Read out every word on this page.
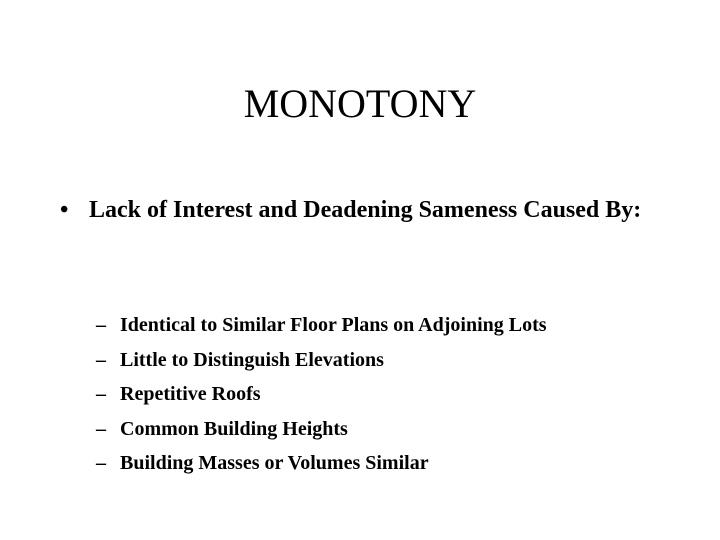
MONOTONY
• Lack of Interest and Deadening Sameness Caused By:
– Identical to Similar Floor Plans on Adjoining Lots
– Little to Distinguish Elevations
– Repetitive Roofs
– Common Building Heights
– Building Masses or Volumes Similar
